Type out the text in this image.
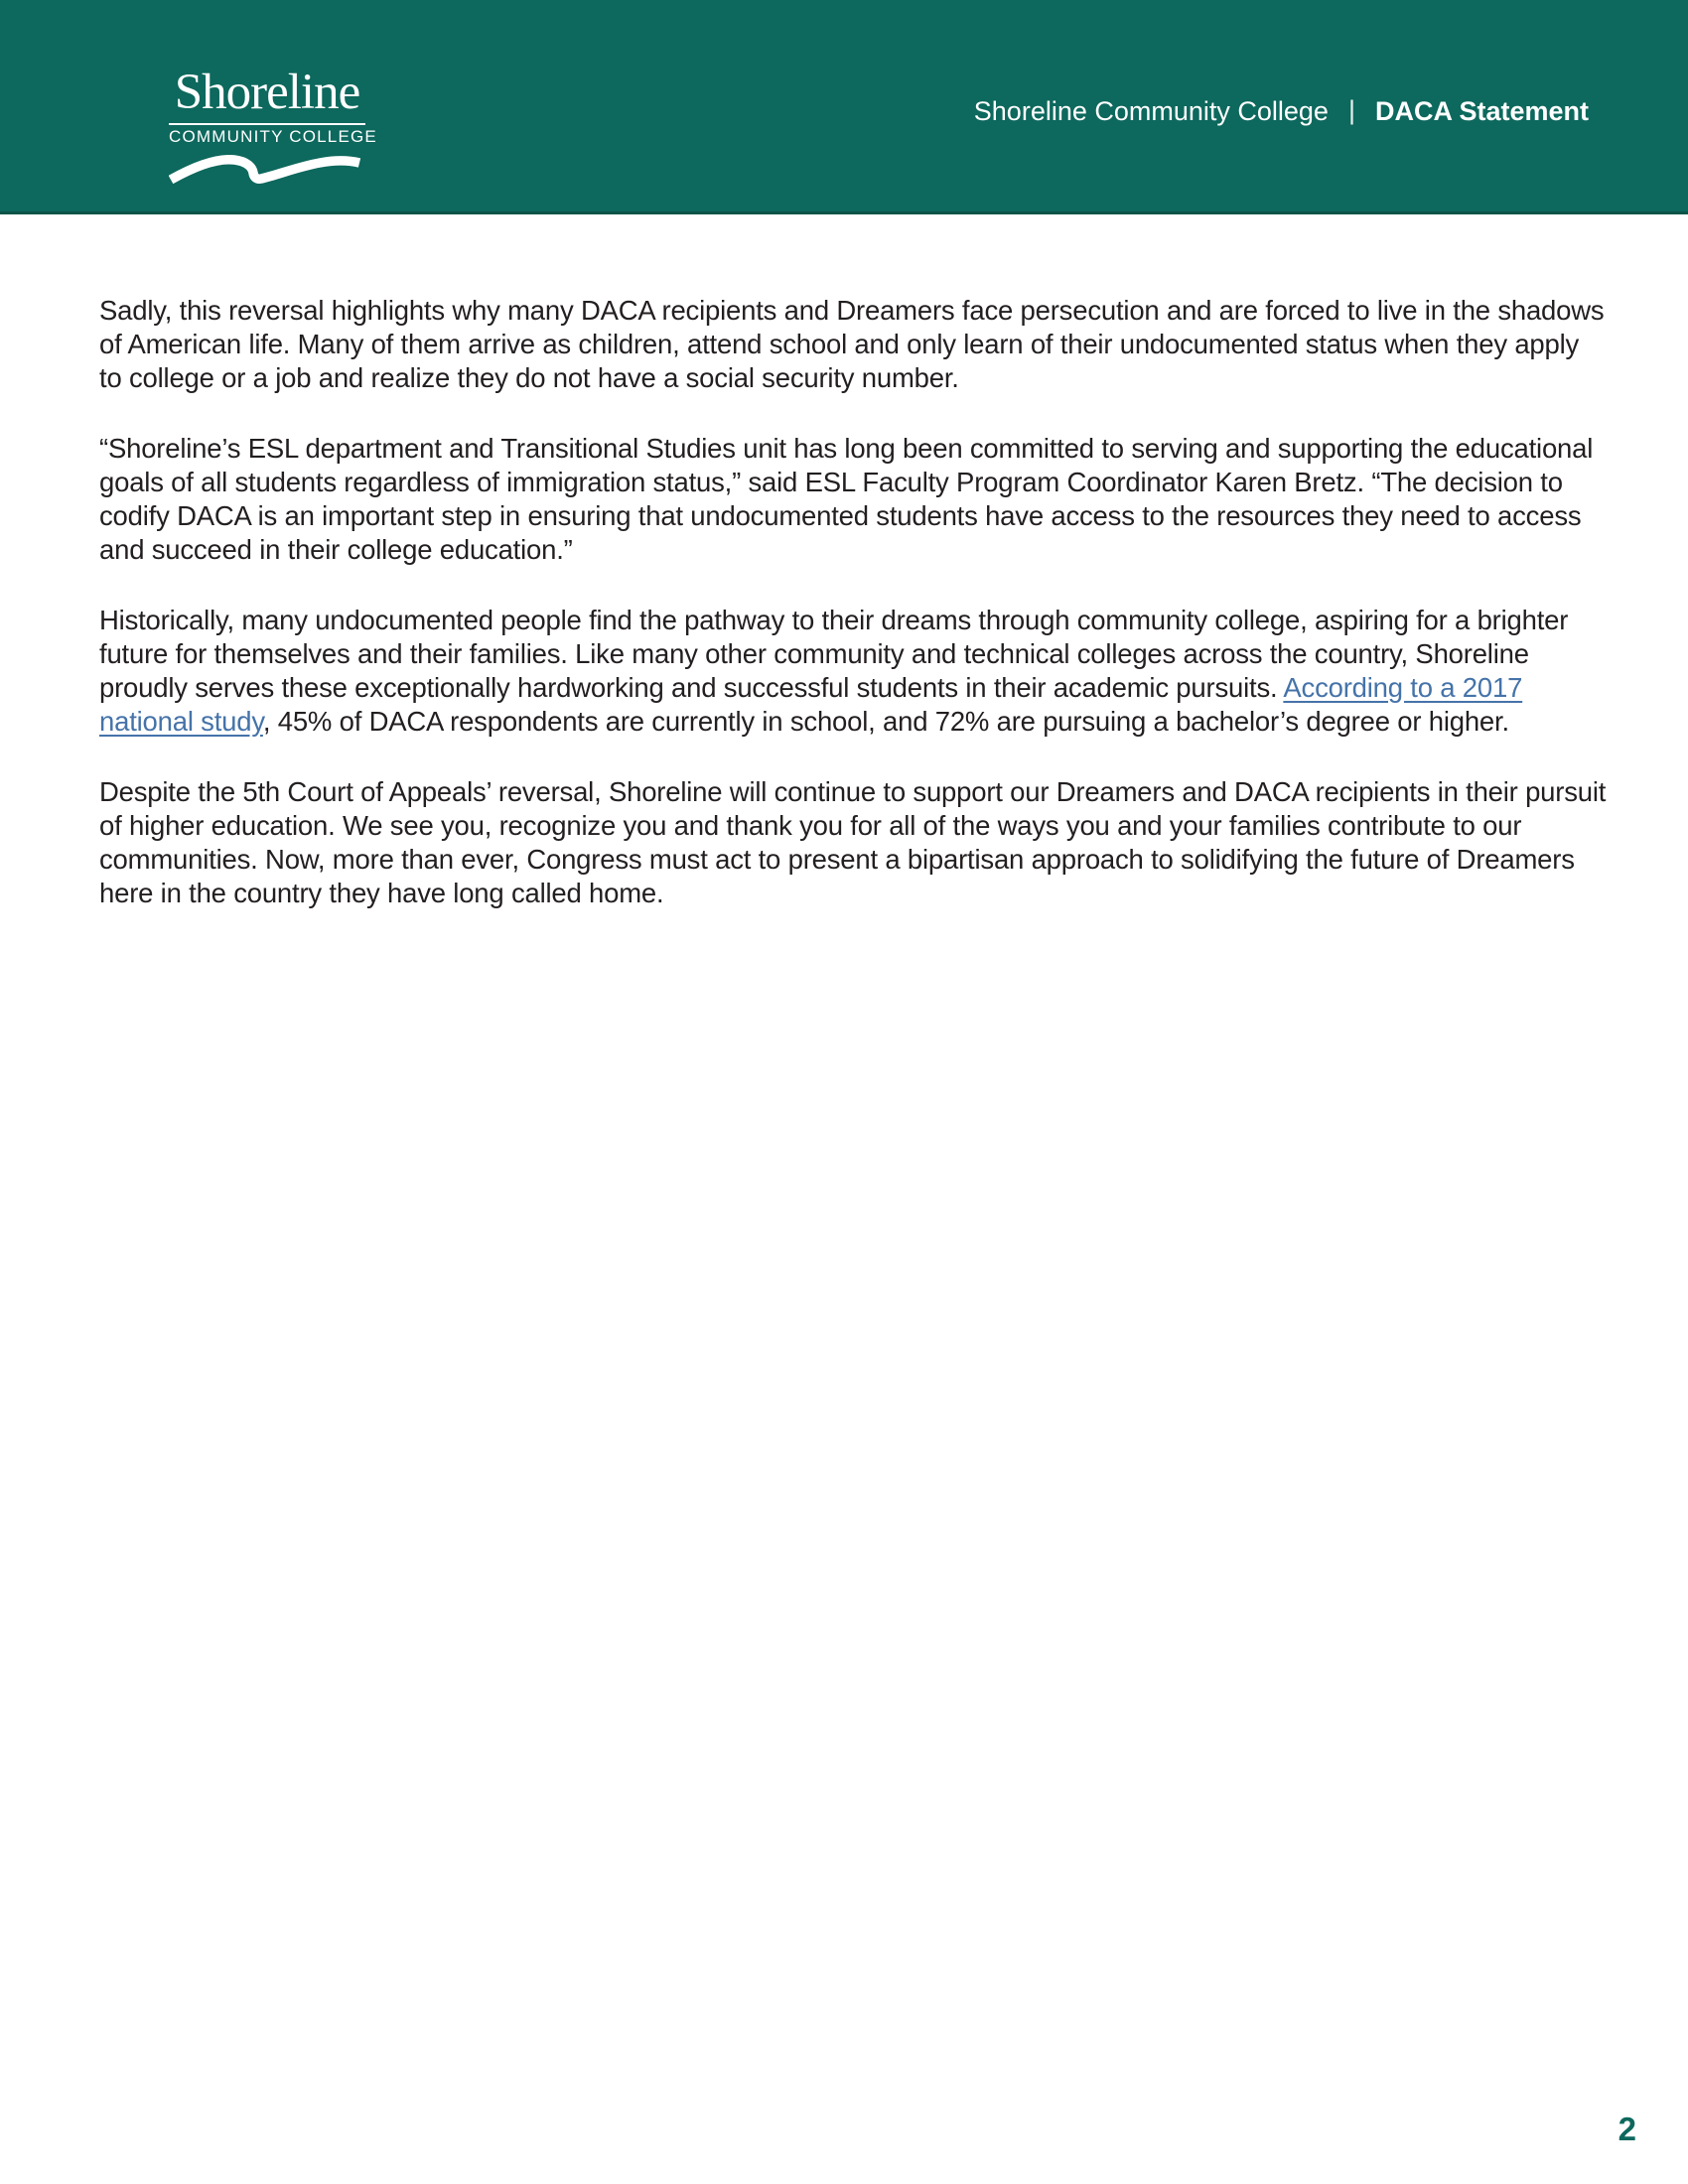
Shoreline
COMMUNITY COLLEGE
Shoreline Community College | DACA Statement

Sadly, this reversal highlights why many DACA recipients and Dreamers face persecution and are forced to live in the shadows of American life. Many of them arrive as children, attend school and only learn of their undocumented status when they apply to college or a job and realize they do not have a social security number.

“Shoreline’s ESL department and Transitional Studies unit has long been committed to serving and supporting the educational goals of all students regardless of immigration status,” said ESL Faculty Program Coordinator Karen Bretz. “The decision to codify DACA is an important step in ensuring that undocumented students have access to the resources they need to access and succeed in their college education.”

Historically, many undocumented people find the pathway to their dreams through community college, aspiring for a brighter future for themselves and their families. Like many other community and technical colleges across the country, Shoreline proudly serves these exceptionally hardworking and successful students in their academic pursuits. According to a 2017 national study, 45% of DACA respondents are currently in school, and 72% are pursuing a bachelor’s degree or higher.

Despite the 5th Court of Appeals’ reversal, Shoreline will continue to support our Dreamers and DACA recipients in their pursuit of higher education. We see you, recognize you and thank you for all of the ways you and your families contribute to our communities. Now, more than ever, Congress must act to present a bipartisan approach to solidifying the future of Dreamers here in the country they have long called home.

2
